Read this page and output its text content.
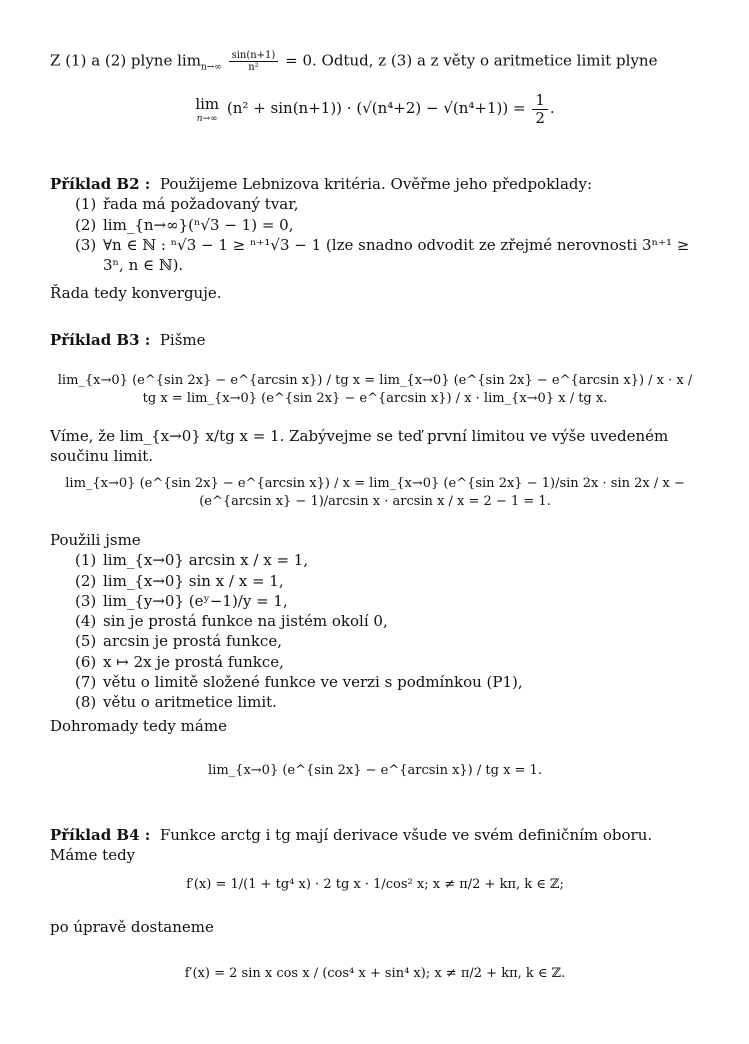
Z (1) a (2) plyne $\lim_{n\to\infty} \frac{\sin(n+1)}{\text{n²}} = 0$. Odtud, z (3) a z věty o aritmetice limit plyne

lim
n→∞
$(n^2 + \sin(n+1)) \cdot (√(n^4+2) - √(n^4+1)) = \frac{1}{2}$ .

Příklad B2 : Použijeme Lebnizova kritéria. Ověřme jeho předpoklady:

(1) řada má požadovaný tvar,
(2) lim_{n→∞}(ⁿ√3 − 1) = 0,
(3) ∀n ∈ ℕ : ⁿ√3 − 1 ≥ ⁿ⁺¹√3 − 1 (lze snadno odvodit ze zřejmé nerovnosti 3ⁿ⁺¹ ≥ 3ⁿ, n ∈ ℕ).

Řada tedy konverguje.

Příklad B3 : Pišme

lim_{x→0} (e^{sin 2x} − e^{arcsin x}) / tg x = lim_{x→0} (e^{sin 2x} − e^{arcsin x}) / x · x / tg x = lim_{x→0} (e^{sin 2x} − e^{arcsin x}) / x · lim_{x→0} x / tg x.
Víme, že lim_{x→0} x/tg x = 1. Zabývejme se teď první limitou ve výše uvedeném součinu limit.
lim_{x→0} (e^{sin 2x} − e^{arcsin x}) / x = lim_{x→0} (e^{sin 2x} − 1)/sin 2x · sin 2x / x − (e^{arcsin x} − 1)/arcsin x · arcsin x / x = 2 − 1 = 1.

Použili jsme

(1) lim_{x→0} arcsin x / x = 1,
(2) lim_{x→0} sin x / x = 1,
(3) lim_{y→0} (eʸ−1)/y = 1,
(4) sin je prostá funkce na jistém okolí 0,
(5) arcsin je prostá funkce,
(6) x ↦ 2x je prostá funkce,
(7) větu o limitě složené funkce ve verzi s podmínkou (P1),
(8) větu o aritmetice limit.

Dohromady tedy máme

lim_{x→0} (e^{sin 2x} − e^{arcsin x}) / tg x = 1.

Příklad B4 : Funkce arctg i tg mají derivace všude ve svém definičním oboru. Máme tedy

f′(x) = 1/(1 + tg⁴ x) · 2 tg x · 1/cos² x; x ≠ π/2 + kπ, k ∈ ℤ;
po úpravě dostaneme
f′(x) = 2 sin x cos x / (cos⁴ x + sin⁴ x); x ≠ π/2 + kπ, k ∈ ℤ.
